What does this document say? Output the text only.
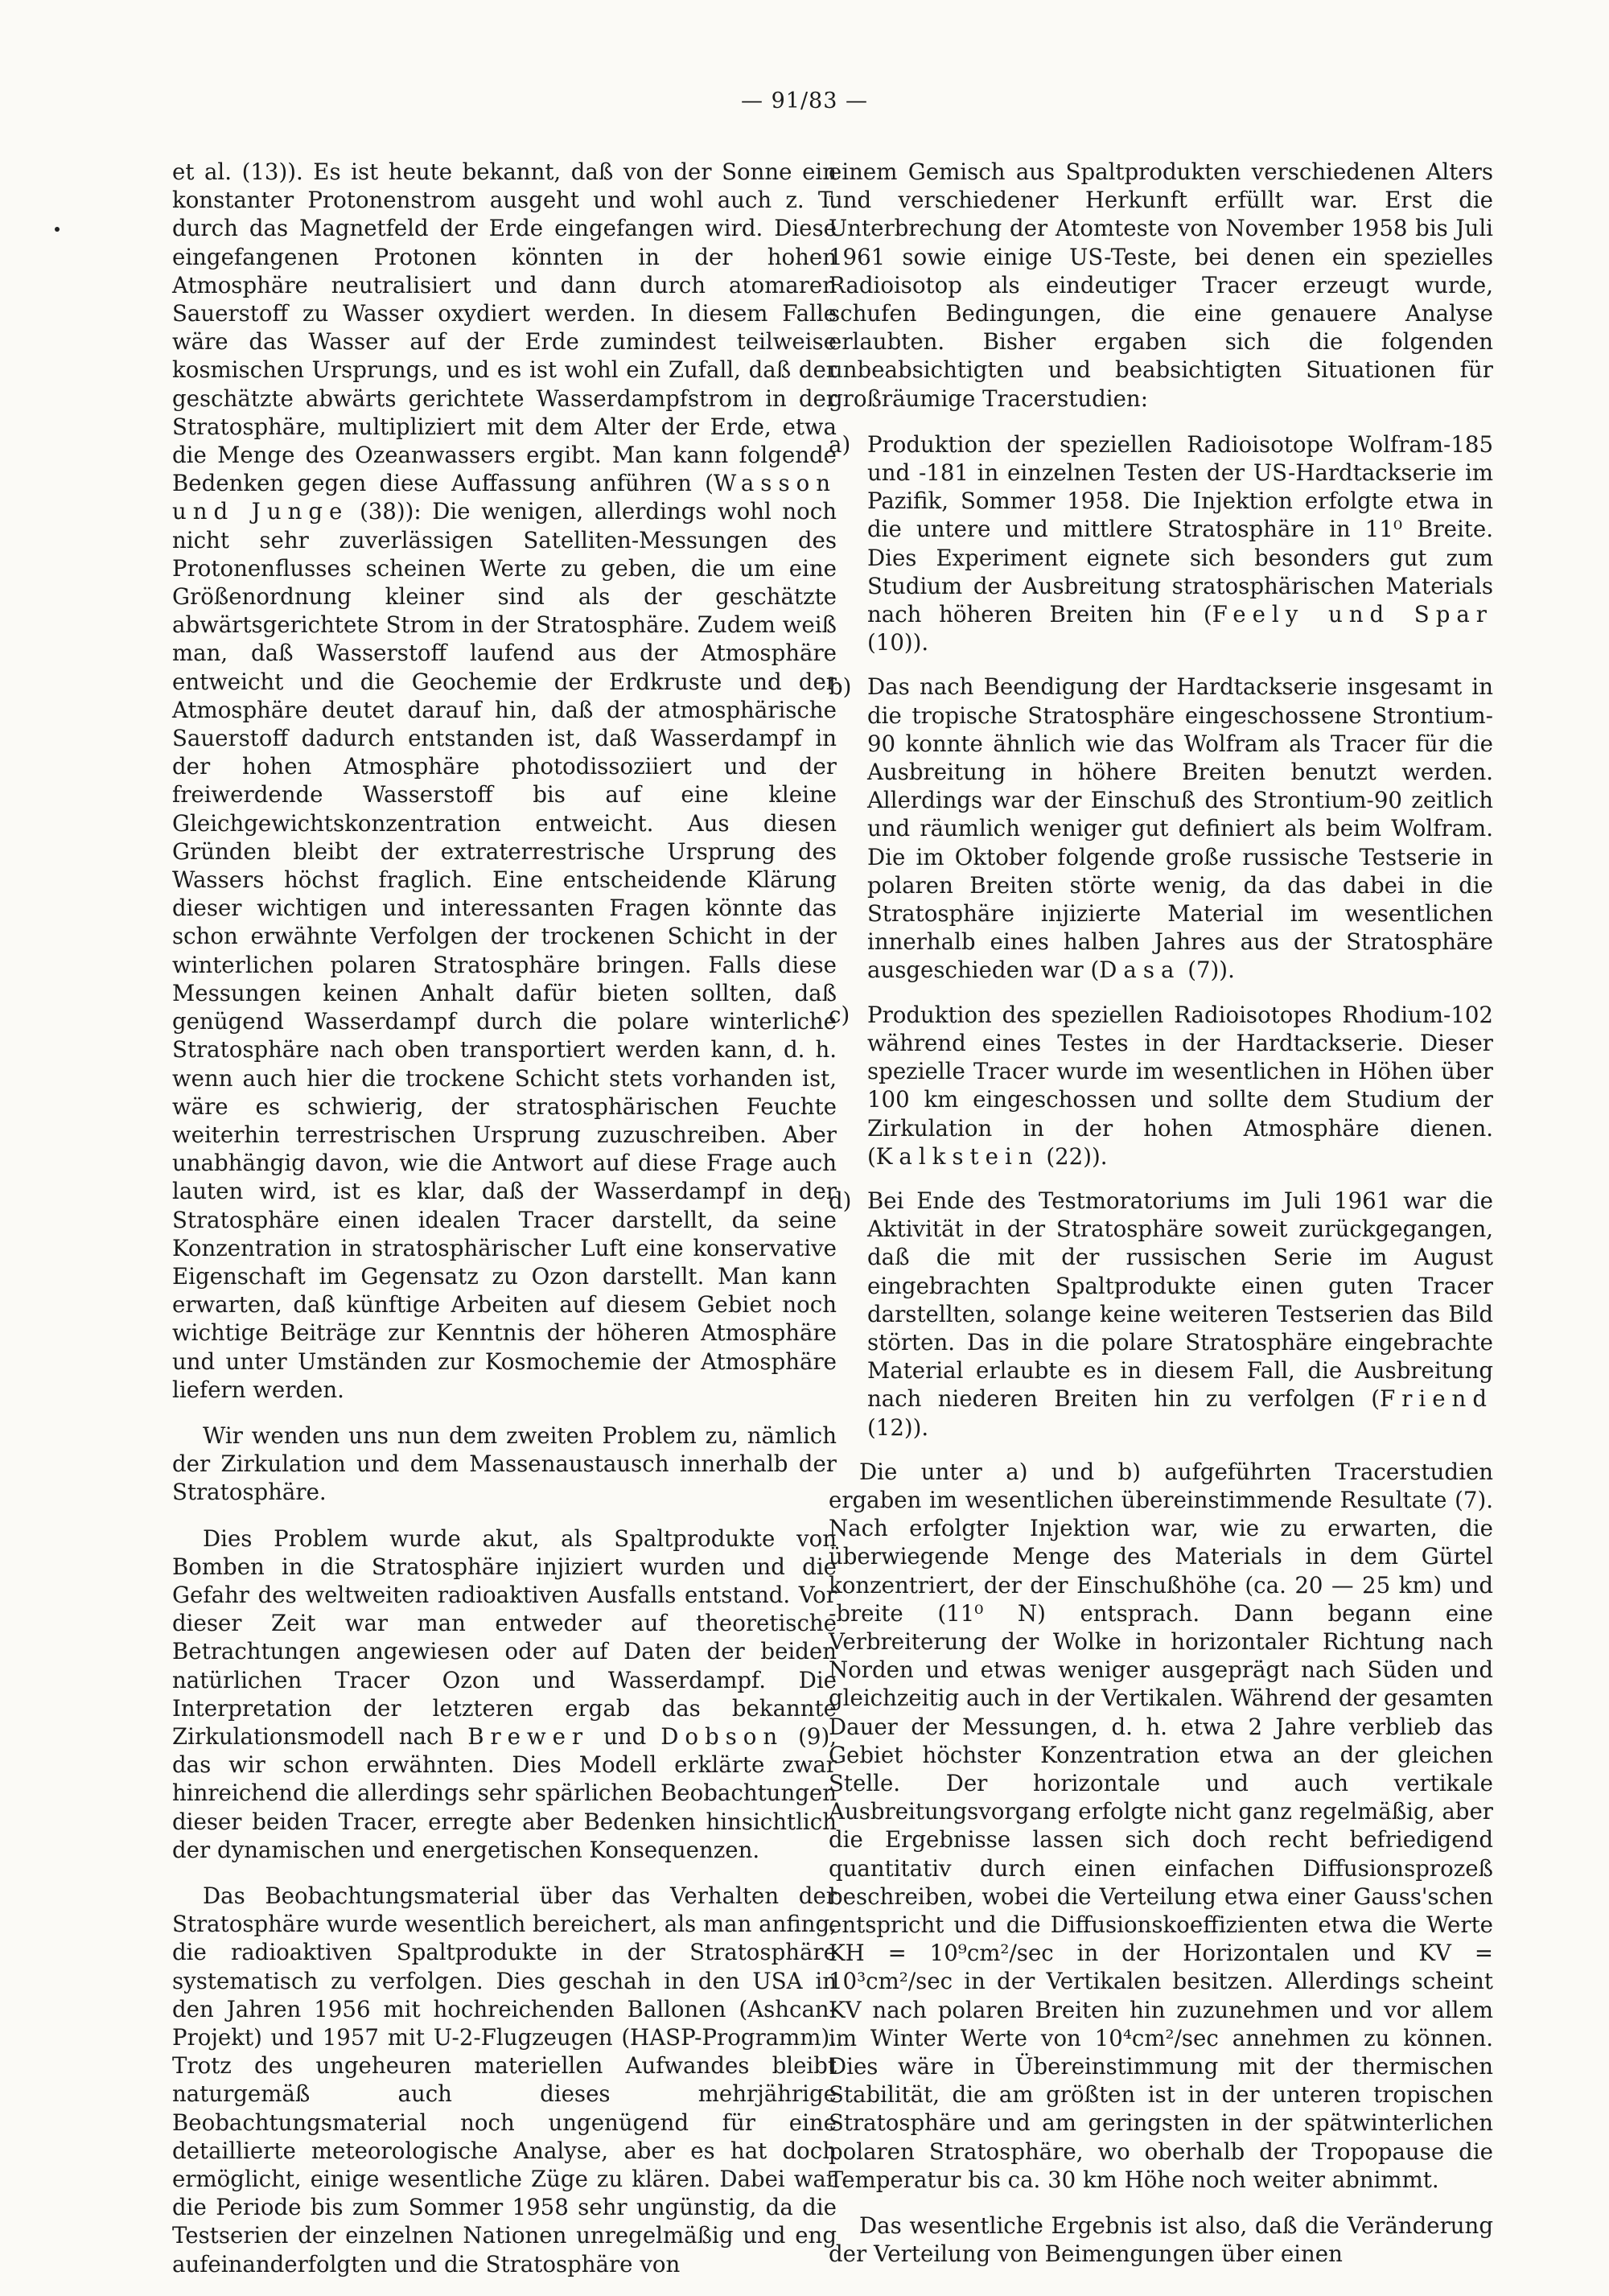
— 91/83 —

et al. (13)). Es ist heute bekannt, daß von der Sonne ein konstanter Protonenstrom ausgeht und wohl auch z. T. durch das Magnetfeld der Erde eingefangen wird. Diese eingefangenen Protonen könnten in der hohen Atmosphäre neutralisiert und dann durch atomaren Sauerstoff zu Wasser oxydiert werden. In diesem Falle wäre das Wasser auf der Erde zumindest teilweise kosmischen Ursprungs, und es ist wohl ein Zufall, daß der geschätzte abwärts gerichtete Wasserdampfstrom in der Stratosphäre, multipliziert mit dem Alter der Erde, etwa die Menge des Ozeanwassers ergibt. Man kann folgende Bedenken gegen diese Auffassung anführen (Wasson und Junge (38)): Die wenigen, allerdings wohl noch nicht sehr zuverlässigen Satelliten-Messungen des Protonenflusses scheinen Werte zu geben, die um eine Größenordnung kleiner sind als der geschätzte abwärtsgerichtete Strom in der Stratosphäre. Zudem weiß man, daß Wasserstoff laufend aus der Atmosphäre entweicht und die Geochemie der Erdkruste und der Atmosphäre deutet darauf hin, daß der atmosphärische Sauerstoff dadurch entstanden ist, daß Wasserdampf in der hohen Atmosphäre photodissoziiert und der freiwerdende Wasserstoff bis auf eine kleine Gleichgewichtskonzentration entweicht. Aus diesen Gründen bleibt der extraterrestrische Ursprung des Wassers höchst fraglich. Eine entscheidende Klärung dieser wichtigen und interessanten Fragen könnte das schon erwähnte Verfolgen der trockenen Schicht in der winterlichen polaren Stratosphäre bringen. Falls diese Messungen keinen Anhalt dafür bieten sollten, daß genügend Wasserdampf durch die polare winterliche Stratosphäre nach oben transportiert werden kann, d. h. wenn auch hier die trockene Schicht stets vorhanden ist, wäre es schwierig, der stratosphärischen Feuchte weiterhin terrestrischen Ursprung zuzuschreiben. Aber unabhängig davon, wie die Antwort auf diese Frage auch lauten wird, ist es klar, daß der Wasserdampf in der Stratosphäre einen idealen Tracer darstellt, da seine Konzentration in stratosphärischer Luft eine konservative Eigenschaft im Gegensatz zu Ozon darstellt. Man kann erwarten, daß künftige Arbeiten auf diesem Gebiet noch wichtige Beiträge zur Kenntnis der höheren Atmosphäre und unter Umständen zur Kosmochemie der Atmosphäre liefern werden.

Wir wenden uns nun dem zweiten Problem zu, nämlich der Zirkulation und dem Massenaustausch innerhalb der Stratosphäre.

Dies Problem wurde akut, als Spaltprodukte von Bomben in die Stratosphäre injiziert wurden und die Gefahr des weltweiten radioaktiven Ausfalls entstand. Vor dieser Zeit war man entweder auf theoretische Betrachtungen angewiesen oder auf Daten der beiden natürlichen Tracer Ozon und Wasserdampf. Die Interpretation der letzteren ergab das bekannte Zirkulationsmodell nach Brewer und Dobson (9), das wir schon erwähnten. Dies Modell erklärte zwar hinreichend die allerdings sehr spärlichen Beobachtungen dieser beiden Tracer, erregte aber Bedenken hinsichtlich der dynamischen und energetischen Konsequenzen.

Das Beobachtungsmaterial über das Verhalten der Stratosphäre wurde wesentlich bereichert, als man anfing, die radioaktiven Spaltprodukte in der Stratosphäre systematisch zu verfolgen. Dies geschah in den USA in den Jahren 1956 mit hochreichenden Ballonen (Ashcan-Projekt) und 1957 mit U-2-Flugzeugen (HASP-Programm). Trotz des ungeheuren materiellen Aufwandes bleibt naturgemäß auch dieses mehrjährige Beobachtungsmaterial noch ungenügend für eine detaillierte meteorologische Analyse, aber es hat doch ermöglicht, einige wesentliche Züge zu klären. Dabei war die Periode bis zum Sommer 1958 sehr ungünstig, da die Testserien der einzelnen Nationen unregelmäßig und eng aufeinanderfolgten und die Stratosphäre von

einem Gemisch aus Spaltprodukten verschiedenen Alters und verschiedener Herkunft erfüllt war. Erst die Unterbrechung der Atomteste von November 1958 bis Juli 1961 sowie einige US-Teste, bei denen ein spezielles Radioisotop als eindeutiger Tracer erzeugt wurde, schufen Bedingungen, die eine genauere Analyse erlaubten. Bisher ergaben sich die folgenden unbeabsichtigten und beabsichtigten Situationen für großräumige Tracerstudien:

a) Produktion der speziellen Radioisotope Wolfram-185 und -181 in einzelnen Testen der US-Hardtackserie im Pazifik, Sommer 1958. Die Injektion erfolgte etwa in die untere und mittlere Stratosphäre in 11⁰ Breite. Dies Experiment eignete sich besonders gut zum Studium der Ausbreitung stratosphärischen Materials nach höheren Breiten hin (Feely und Spar (10)).
b) Das nach Beendigung der Hardtackserie insgesamt in die tropische Stratosphäre eingeschossene Strontium-90 konnte ähnlich wie das Wolfram als Tracer für die Ausbreitung in höhere Breiten benutzt werden. Allerdings war der Einschuß des Strontium-90 zeitlich und räumlich weniger gut definiert als beim Wolfram. Die im Oktober folgende große russische Testserie in polaren Breiten störte wenig, da das dabei in die Stratosphäre injizierte Material im wesentlichen innerhalb eines halben Jahres aus der Stratosphäre ausgeschieden war (Dasa (7)).
c) Produktion des speziellen Radioisotopes Rhodium-102 während eines Testes in der Hardtackserie. Dieser spezielle Tracer wurde im wesentlichen in Höhen über 100 km eingeschossen und sollte dem Studium der Zirkulation in der hohen Atmosphäre dienen. (Kalkstein (22)).
d) Bei Ende des Testmoratoriums im Juli 1961 war die Aktivität in der Stratosphäre soweit zurückgegangen, daß die mit der russischen Serie im August eingebrachten Spaltprodukte einen guten Tracer darstellten, solange keine weiteren Testserien das Bild störten. Das in die polare Stratosphäre eingebrachte Material erlaubte es in diesem Fall, die Ausbreitung nach niederen Breiten hin zu verfolgen (Friend (12)).

Die unter a) und b) aufgeführten Tracerstudien ergaben im wesentlichen übereinstimmende Resultate (7). Nach erfolgter Injektion war, wie zu erwarten, die überwiegende Menge des Materials in dem Gürtel konzentriert, der der Einschußhöhe (ca. 20 — 25 km) und -breite (11⁰ N) entsprach. Dann begann eine Verbreiterung der Wolke in horizontaler Richtung nach Norden und etwas weniger ausgeprägt nach Süden und gleichzeitig auch in der Vertikalen. Während der gesamten Dauer der Messungen, d. h. etwa 2 Jahre verblieb das Gebiet höchster Konzentration etwa an der gleichen Stelle. Der horizontale und auch vertikale Ausbreitungsvorgang erfolgte nicht ganz regelmäßig, aber die Ergebnisse lassen sich doch recht befriedigend quantitativ durch einen einfachen Diffusionsprozeß beschreiben, wobei die Verteilung etwa einer Gauss'schen entspricht und die Diffusionskoeffizienten etwa die Werte KH = 10⁹cm²/sec in der Horizontalen und KV = 10³cm²/sec in der Vertikalen besitzen. Allerdings scheint KV nach polaren Breiten hin zuzunehmen und vor allem im Winter Werte von 10⁴cm²/sec annehmen zu können. Dies wäre in Übereinstimmung mit der thermischen Stabilität, die am größten ist in der unteren tropischen Stratosphäre und am geringsten in der spätwinterlichen polaren Stratosphäre, wo oberhalb der Tropopause die Temperatur bis ca. 30 km Höhe noch weiter abnimmt.

Das wesentliche Ergebnis ist also, daß die Veränderung der Verteilung von Beimengungen über einen
